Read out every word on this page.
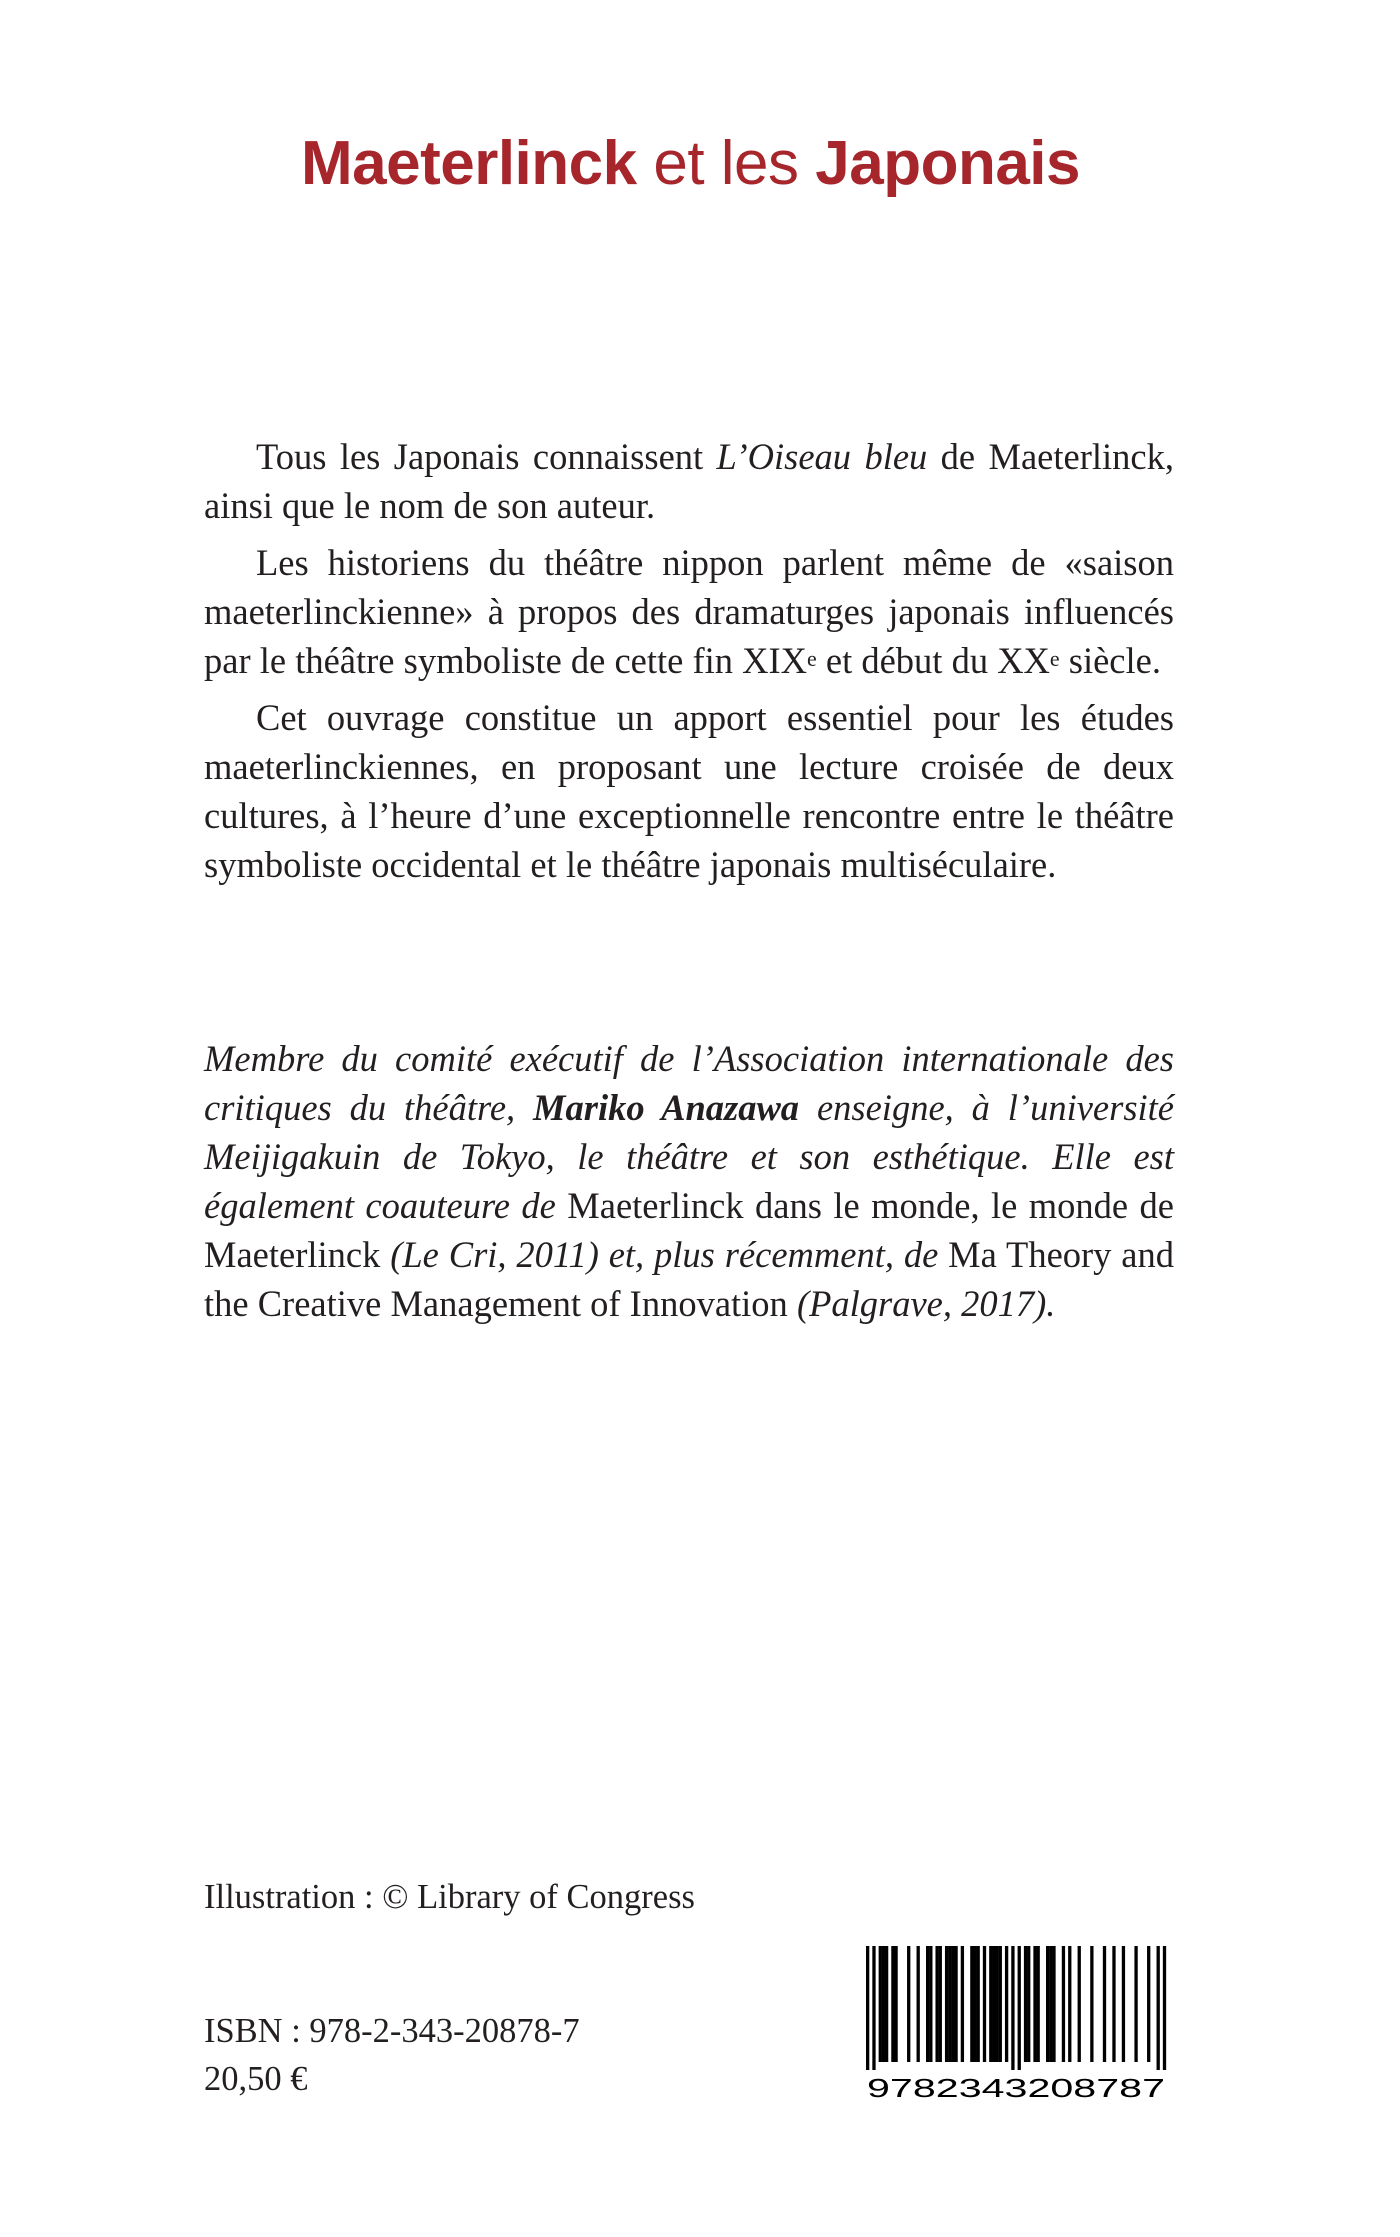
Maeterlinck et les Japonais

Tous les Japonais connaissent L’Oiseau bleu de Maeterlinck, ainsi que le nom de son auteur.

Les historiens du théâtre nippon parlent même de «saison maeterlinckienne» à propos des dramaturges japonais influencés par le théâtre symboliste de cette fin XIXe et début du XXe siècle.

Cet ouvrage constitue un apport essentiel pour les études maeterlinckiennes, en proposant une lecture croisée de deux cultures, à l’heure d’une exceptionnelle rencontre entre le théâtre symboliste occidental et le théâtre japonais multiséculaire.

Membre du comité exécutif de l’Association internationale des critiques du théâtre, Mariko Anazawa enseigne, à l’université Meijigakuin de Tokyo, le théâtre et son esthétique. Elle est également coauteure de Maeterlinck dans le monde, le monde de Maeterlinck (Le Cri, 2011) et, plus récemment, de Ma Theory and the Creative Management of Innovation (Palgrave, 2017).

Illustration : © Library of Congress

ISBN : 978-2-343-20878-7

20,50 €	9782343208787
